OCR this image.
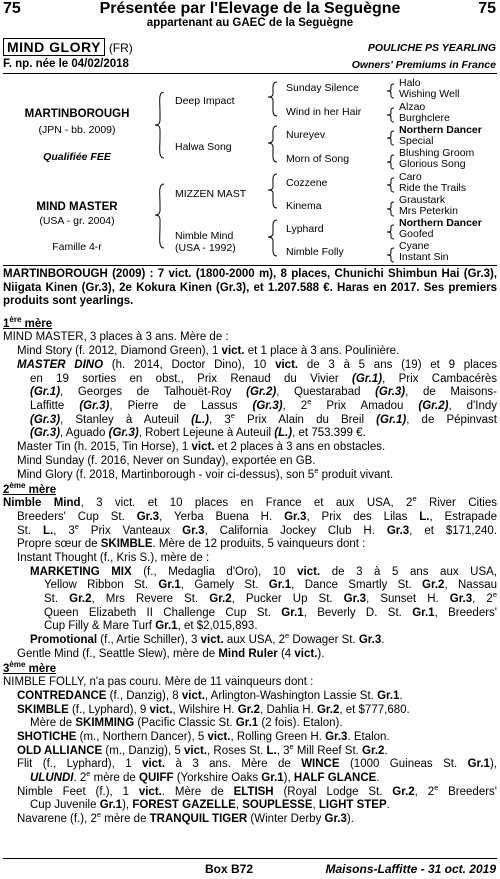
75	Présentée par l'Elevage de la Seguègne	75
appartenant au GAEC de la Seguègne
MIND GLORY (FR)	POULICHE PS YEARLING
F. np. née le 04/02/2018	Owners' Premiums in France
MARTINBOROUGH
(JPN - bb. 2009)
Qualifiée FEE
MIND MASTER
(USA - gr. 2004)
Famille 4-r
Deep Impact
Halwa Song
MIZZEN MAST
Nimble Mind
(USA - 1992)
Sunday Silence
Wind in her Hair
Nureyev
Morn of Song
Cozzene
Kinema
Lyphard
Nimble Folly
Halo
Wishing Well
Alzao
Burghclere
Northern Dancer
Special
Blushing Groom
Glorious Song
Caro
Ride the Trails
Graustark
Mrs Peterkin
Northern Dancer
Goofed
Cyane
Instant Sin
MARTINBOROUGH (2009) : 7 vict. (1800-2000 m), 8 places, Chunichi Shimbun Hai (Gr.3), Niigata Kinen (Gr.3), 2e Kokura Kinen (Gr.3), et 1.207.588 €. Haras en 2017. Ses premiers produits sont yearlings.
1ère mère
MIND MASTER, 3 places à 3 ans. Mère de :
Mind Story (f. 2012, Diamond Green), 1 vict. et 1 place à 3 ans. Poulinière.
MASTER DINO (h. 2014, Doctor Dino), 10 vict. de 3 à 5 ans (19) et 9 places
en 19 sorties en obst., Prix Renaud du Vivier (Gr.1), Prix Cambacérès
(Gr.1), Georges de Talhouët-Roy (Gr.2), Questarabad (Gr.3), de Maisons-
Laffitte (Gr.3), Pierre de Lassus (Gr.3), 2e Prix Amadou (Gr.2), d'Indy
(Gr.3), Stanley à Auteuil (L.), 3e Prix Alain du Breil (Gr.1), de Pépinvast
(Gr.3), Aguado (Gr.3), Robert Lejeune à Auteuil (L.), et 753.399 €.
Master Tin (h. 2015, Tin Horse), 1 vict. et 2 places à 3 ans en obstacles.
Mind Sunday (f. 2016, Never on Sunday), exportée en GB.
Mind Glory (f. 2018, Martinborough - voir ci-dessus), son 5e produit vivant.
2ème mère
Nimble Mind, 3 vict. et 10 places en France et aux USA, 2e River Cities
Breeders' Cup St. Gr.3, Yerba Buena H. Gr.3, Prix des Lilas L., Estrapade
St. L., 3e Prix Vanteaux Gr.3, California Jockey Club H. Gr.3, et $171,240.
Propre sœur de SKIMBLE. Mère de 12 produits, 5 vainqueurs dont :
Instant Thought (f., Kris S.), mère de :
MARKETING MIX (f., Medaglia d'Oro), 10 vict. de 3 à 5 ans aux USA,
Yellow Ribbon St. Gr.1, Gamely St. Gr.1, Dance Smartly St. Gr.2, Nassau
St. Gr.2, Mrs Revere St. Gr.2, Pucker Up St. Gr.3, Sunset H. Gr.3, 2e
Queen Elizabeth II Challenge Cup St. Gr.1, Beverly D. St. Gr.1, Breeders'
Cup Filly & Mare Turf Gr.1, et $2,015,893.
Promotional (f., Artie Schiller), 3 vict. aux USA, 2e Dowager St. Gr.3.
Gentle Mind (f., Seattle Slew), mère de Mind Ruler (4 vict.).
3ème mère
NIMBLE FOLLY, n'a pas couru. Mère de 11 vainqueurs dont :
CONTREDANCE (f., Danzig), 8 vict., Arlington-Washington Lassie St. Gr.1.
SKIMBLE (f., Lyphard), 9 vict., Wilshire H. Gr.2, Dahlia H. Gr.2, et $777,680.
Mère de SKIMMING (Pacific Classic St. Gr.1 (2 fois). Etalon).
SHOTICHE (m., Northern Dancer), 5 vict., Rolling Green H. Gr.3. Etalon.
OLD ALLIANCE (m., Danzig), 5 vict., Roses St. L., 3e Mill Reef St. Gr.2.
Flit (f., Lyphard), 1 vict. à 3 ans. Mère de WINCE (1000 Guineas St. Gr.1),
ULUNDI. 2e mère de QUIFF (Yorkshire Oaks Gr.1), HALF GLANCE.
Nimble Feet (f.), 1 vict.. Mère de ELTISH (Royal Lodge St. Gr.2, 2e Breeders'
Cup Juvenile Gr.1), FOREST GAZELLE, SOUPLESSE, LIGHT STEP.
Navarene (f.), 2e mère de TRANQUIL TIGER (Winter Derby Gr.3).
Box B72	Maisons-Laffitte - 31 oct. 2019
